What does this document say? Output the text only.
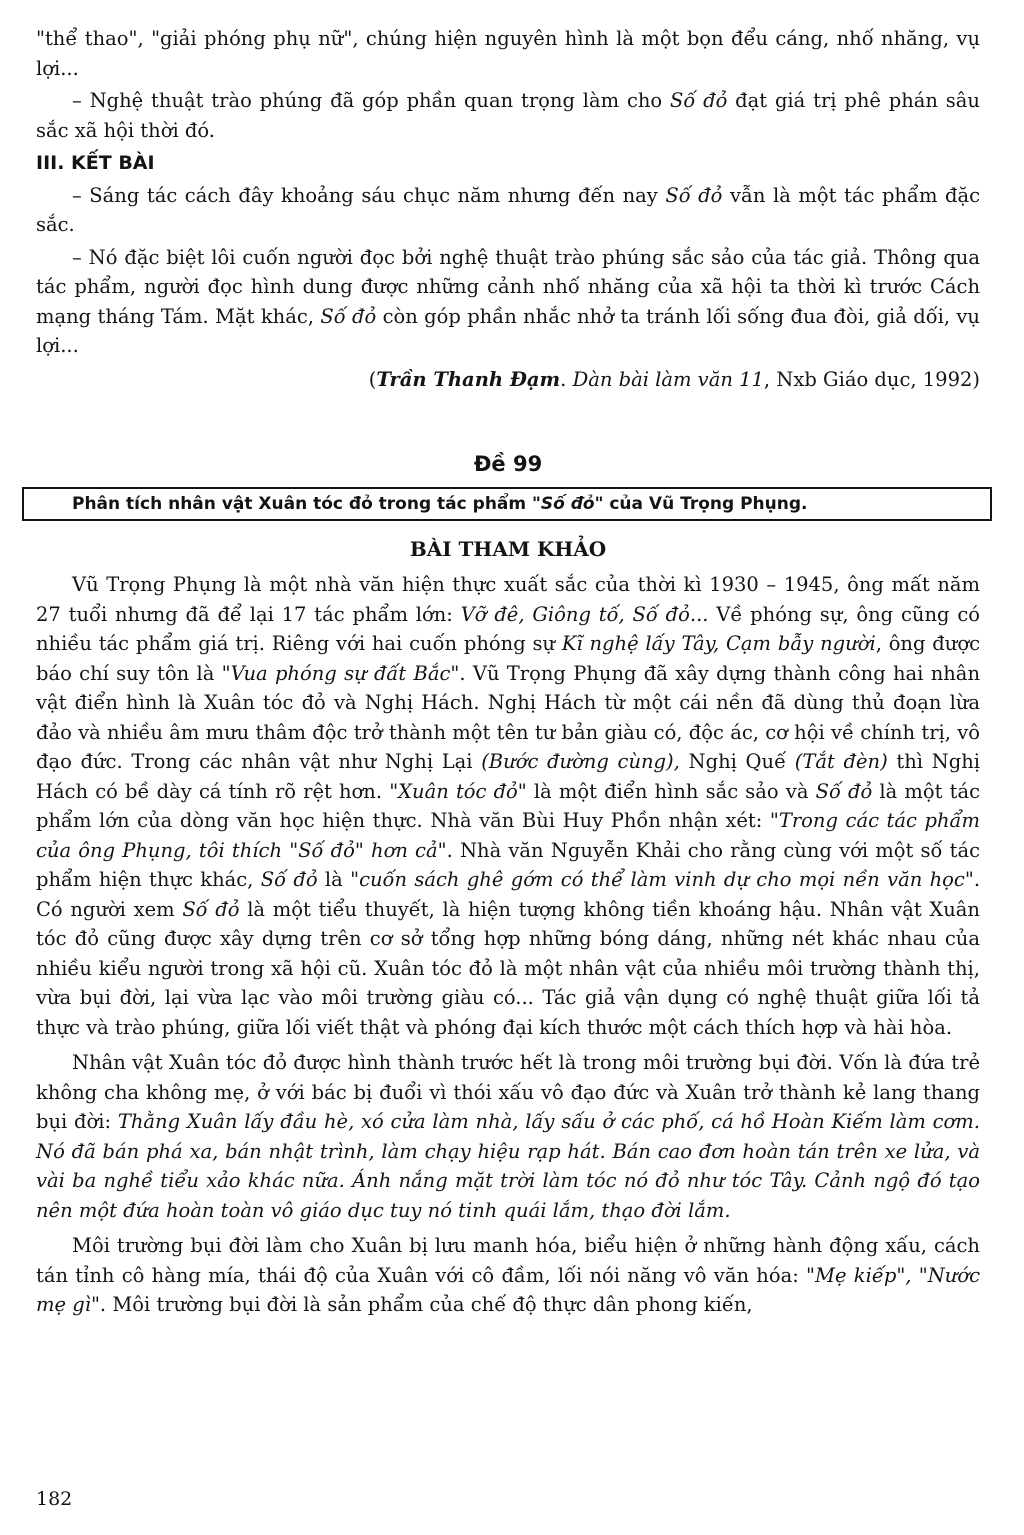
"thể thao", "giải phóng phụ nữ", chúng hiện nguyên hình là một bọn đểu cáng, nhố nhăng, vụ lợi...

– Nghệ thuật trào phúng đã góp phần quan trọng làm cho Số đỏ đạt giá trị phê phán sâu sắc xã hội thời đó.

III. KẾT BÀI

– Sáng tác cách đây khoảng sáu chục năm nhưng đến nay Số đỏ vẫn là một tác phẩm đặc sắc.

– Nó đặc biệt lôi cuốn người đọc bởi nghệ thuật trào phúng sắc sảo của tác giả. Thông qua tác phẩm, người đọc hình dung được những cảnh nhố nhăng của xã hội ta thời kì trước Cách mạng tháng Tám. Mặt khác, Số đỏ còn góp phần nhắc nhở ta tránh lối sống đua đòi, giả dối, vụ lợi...

(Trần Thanh Đạm. Dàn bài làm văn 11, Nxb Giáo dục, 1992)

Đề 99
Phân tích nhân vật Xuân tóc đỏ trong tác phẩm "Số đỏ" của Vũ Trọng Phụng.
BÀI THAM KHẢO

Vũ Trọng Phụng là một nhà văn hiện thực xuất sắc của thời kì 1930 – 1945, ông mất năm 27 tuổi nhưng đã để lại 17 tác phẩm lớn: Vỡ đê, Giông tố, Số đỏ... Về phóng sự, ông cũng có nhiều tác phẩm giá trị. Riêng với hai cuốn phóng sự Kĩ nghệ lấy Tây, Cạm bẫy người, ông được báo chí suy tôn là "Vua phóng sự đất Bắc". Vũ Trọng Phụng đã xây dựng thành công hai nhân vật điển hình là Xuân tóc đỏ và Nghị Hách. Nghị Hách từ một cái nền đã dùng thủ đoạn lừa đảo và nhiều âm mưu thâm độc trở thành một tên tư bản giàu có, độc ác, cơ hội về chính trị, vô đạo đức. Trong các nhân vật như Nghị Lại (Bước đường cùng), Nghị Quế (Tắt đèn) thì Nghị Hách có bề dày cá tính rõ rệt hơn. "Xuân tóc đỏ" là một điển hình sắc sảo và Số đỏ là một tác phẩm lớn của dòng văn học hiện thực. Nhà văn Bùi Huy Phồn nhận xét: "Trong các tác phẩm của ông Phụng, tôi thích "Số đỏ" hơn cả". Nhà văn Nguyễn Khải cho rằng cùng với một số tác phẩm hiện thực khác, Số đỏ là "cuốn sách ghê gớm có thể làm vinh dự cho mọi nền văn học". Có người xem Số đỏ là một tiểu thuyết, là hiện tượng không tiền khoáng hậu. Nhân vật Xuân tóc đỏ cũng được xây dựng trên cơ sở tổng hợp những bóng dáng, những nét khác nhau của nhiều kiểu người trong xã hội cũ. Xuân tóc đỏ là một nhân vật của nhiều môi trường thành thị, vừa bụi đời, lại vừa lạc vào môi trường giàu có... Tác giả vận dụng có nghệ thuật giữa lối tả thực và trào phúng, giữa lối viết thật và phóng đại kích thước một cách thích hợp và hài hòa.

Nhân vật Xuân tóc đỏ được hình thành trước hết là trong môi trường bụi đời. Vốn là đứa trẻ không cha không mẹ, ở với bác bị đuổi vì thói xấu vô đạo đức và Xuân trở thành kẻ lang thang bụi đời: Thằng Xuân lấy đầu hè, xó cửa làm nhà, lấy sấu ở các phố, cá hồ Hoàn Kiếm làm cơm. Nó đã bán phá xa, bán nhật trình, làm chạy hiệu rạp hát. Bán cao đơn hoàn tán trên xe lửa, và vài ba nghề tiểu xảo khác nữa. Ánh nắng mặt trời làm tóc nó đỏ như tóc Tây. Cảnh ngộ đó tạo nên một đứa hoàn toàn vô giáo dục tuy nó tinh quái lắm, thạo đời lắm.

Môi trường bụi đời làm cho Xuân bị lưu manh hóa, biểu hiện ở những hành động xấu, cách tán tỉnh cô hàng mía, thái độ của Xuân với cô đầm, lối nói năng vô văn hóa: "Mẹ kiếp", "Nước mẹ gì". Môi trường bụi đời là sản phẩm của chế độ thực dân phong kiến,

182
